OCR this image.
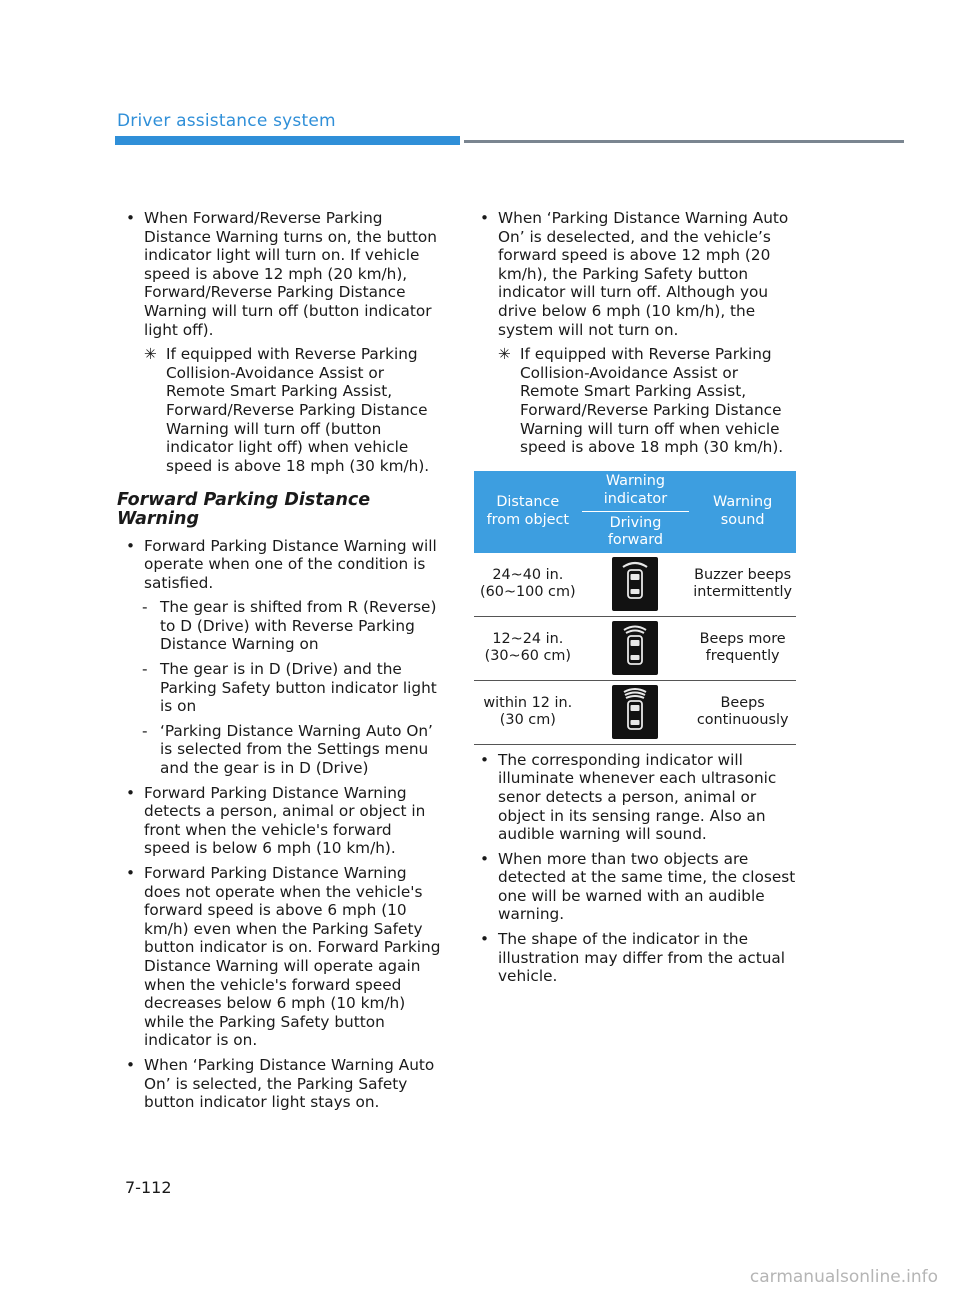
Driver assistance system
• When Forward/Reverse Parking Distance Warning turns on, the button indicator light will turn on. If vehicle speed is above 12 mph (20 km/h), Forward/Reverse Parking Distance Warning will turn off (button indicator light off).
✳ If equipped with Reverse Parking Collision-Avoidance Assist or Remote Smart Parking Assist, Forward/Reverse Parking Distance Warning will turn off (button indicator light off) when vehicle speed is above 18 mph (30 km/h).
Forward Parking Distance Warning
• Forward Parking Distance Warning will operate when one of the condition is satisfied.
- The gear is shifted from R (Reverse) to D (Drive) with Reverse Parking Distance Warning on
- The gear is in D (Drive) and the Parking Safety button indicator light is on
- ‘Parking Distance Warning Auto On’ is selected from the Settings menu and the gear is in D (Drive)
• Forward Parking Distance Warning detects a person, animal or object in front when the vehicle's forward speed is below 6 mph (10 km/h).
• Forward Parking Distance Warning does not operate when the vehicle's forward speed is above 6 mph (10 km/h) even when the Parking Safety button indicator is on. Forward Parking Distance Warning will operate again when the vehicle's forward speed decreases below 6 mph (10 km/h) while the Parking Safety button indicator is on.
• When ‘Parking Distance Warning Auto On’ is selected, the Parking Safety button indicator light stays on.
• When ‘Parking Distance Warning Auto On’ is deselected, and the vehicle’s forward speed is above 12 mph (20 km/h), the Parking Safety button indicator will turn off. Although you drive below 6 mph (10 km/h), the system will not turn on.
✳ If equipped with Reverse Parking Collision-Avoidance Assist or Remote Smart Parking Assist, Forward/Reverse Parking Distance Warning will turn off when vehicle speed is above 18 mph (30 km/h).
Distance from object	Warning indicator	Warning sound
	Driving forward	
24~40 in. (60~100 cm)		Buzzer beeps intermittently
12~24 in. (30~60 cm)		Beeps more frequently
within 12 in. (30 cm)		Beeps continuously
• The corresponding indicator will illuminate whenever each ultrasonic senor detects a person, animal or object in its sensing range. Also an audible warning will sound.
• When more than two objects are detected at the same time, the closest one will be warned with an audible warning.
• The shape of the indicator in the illustration may differ from the actual vehicle.
7-112
carmanualsonline.info
